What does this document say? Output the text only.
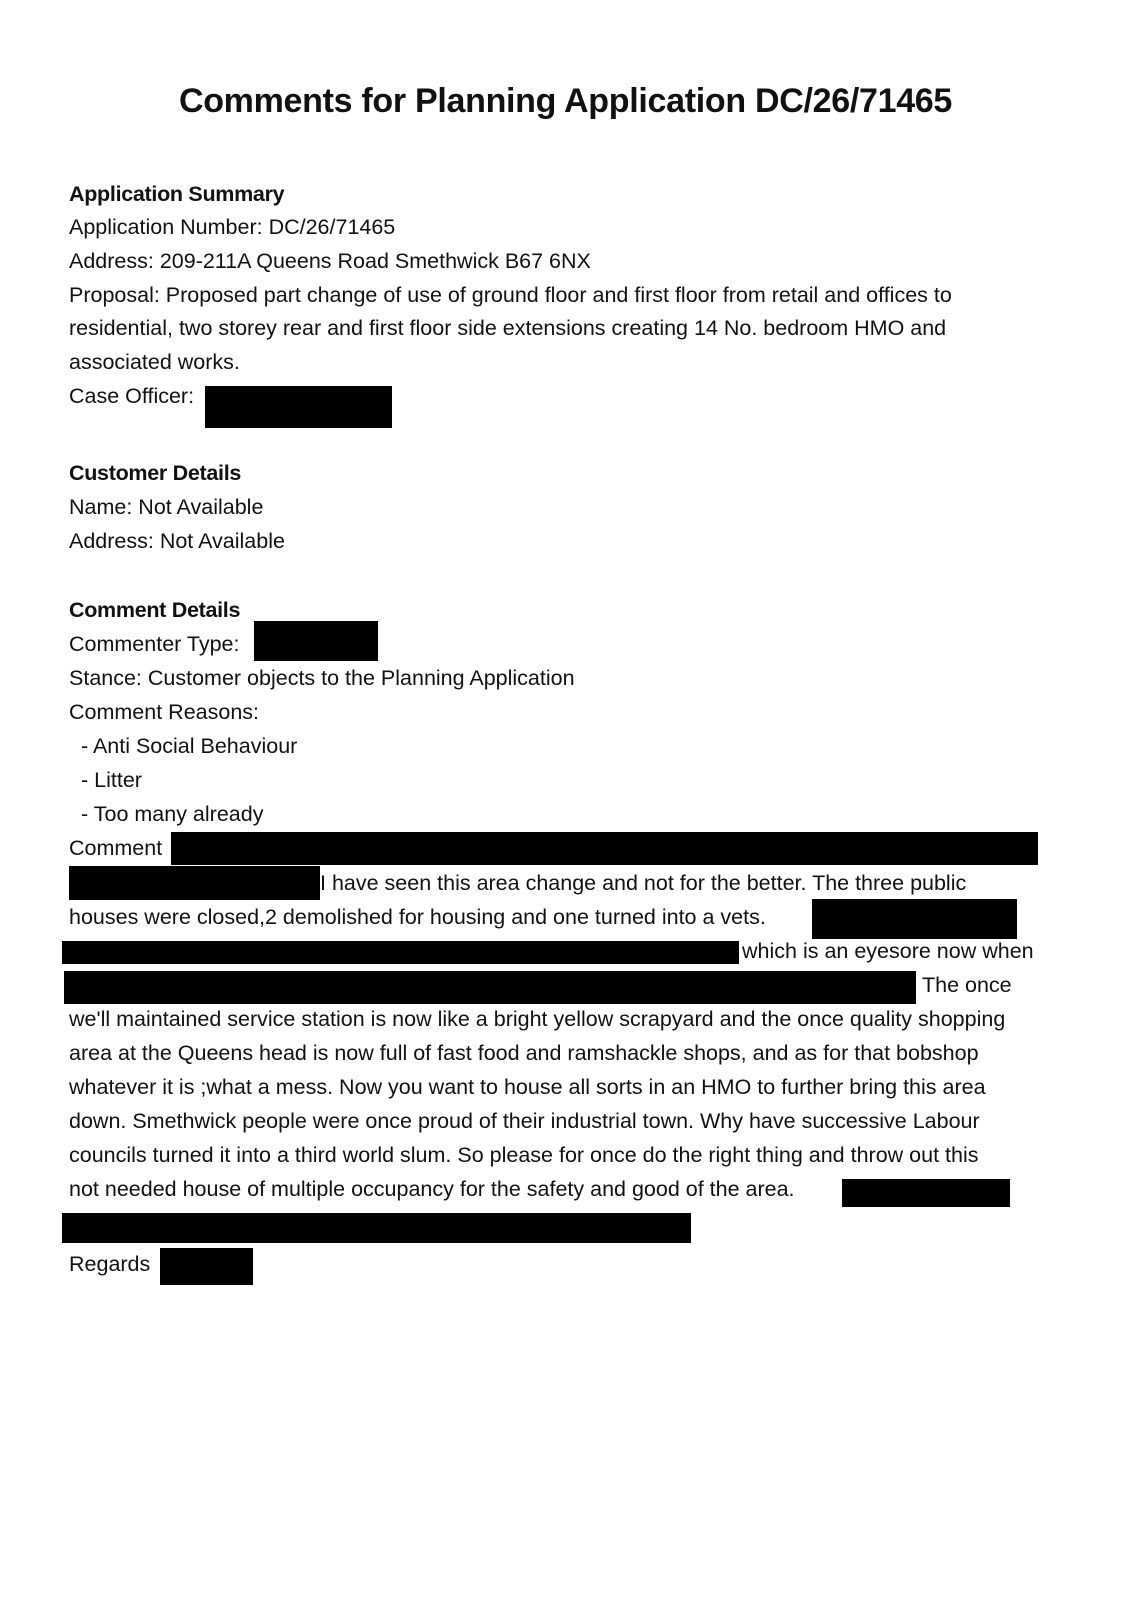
Comments for Planning Application DC/26/71465
Application Summary
Application Number: DC/26/71465
Address: 209-211A Queens Road Smethwick B67 6NX
Proposal: Proposed part change of use of ground floor and first floor from retail and offices to
residential, two storey rear and first floor side extensions creating 14 No. bedroom HMO and
associated works.
Case Officer:
Customer Details
Name: Not Available
Address: Not Available
Comment Details
Commenter Type:
Stance: Customer objects to the Planning Application
Comment Reasons:
- Anti Social Behaviour
- Litter
- Too many already
Comment
I have seen this area change and not for the better. The three public
houses were closed,2 demolished for housing and one turned into a vets.
which is an eyesore now when
The once
we'll maintained service station is now like a bright yellow scrapyard and the once quality shopping
area at the Queens head is now full of fast food and ramshackle shops, and as for that bobshop
whatever it is ;what a mess. Now you want to house all sorts in an HMO to further bring this area
down. Smethwick people were once proud of their industrial town. Why have successive Labour
councils turned it into a third world slum. So please for once do the right thing and throw out this
not needed house of multiple occupancy for the safety and good of the area.
Regards
